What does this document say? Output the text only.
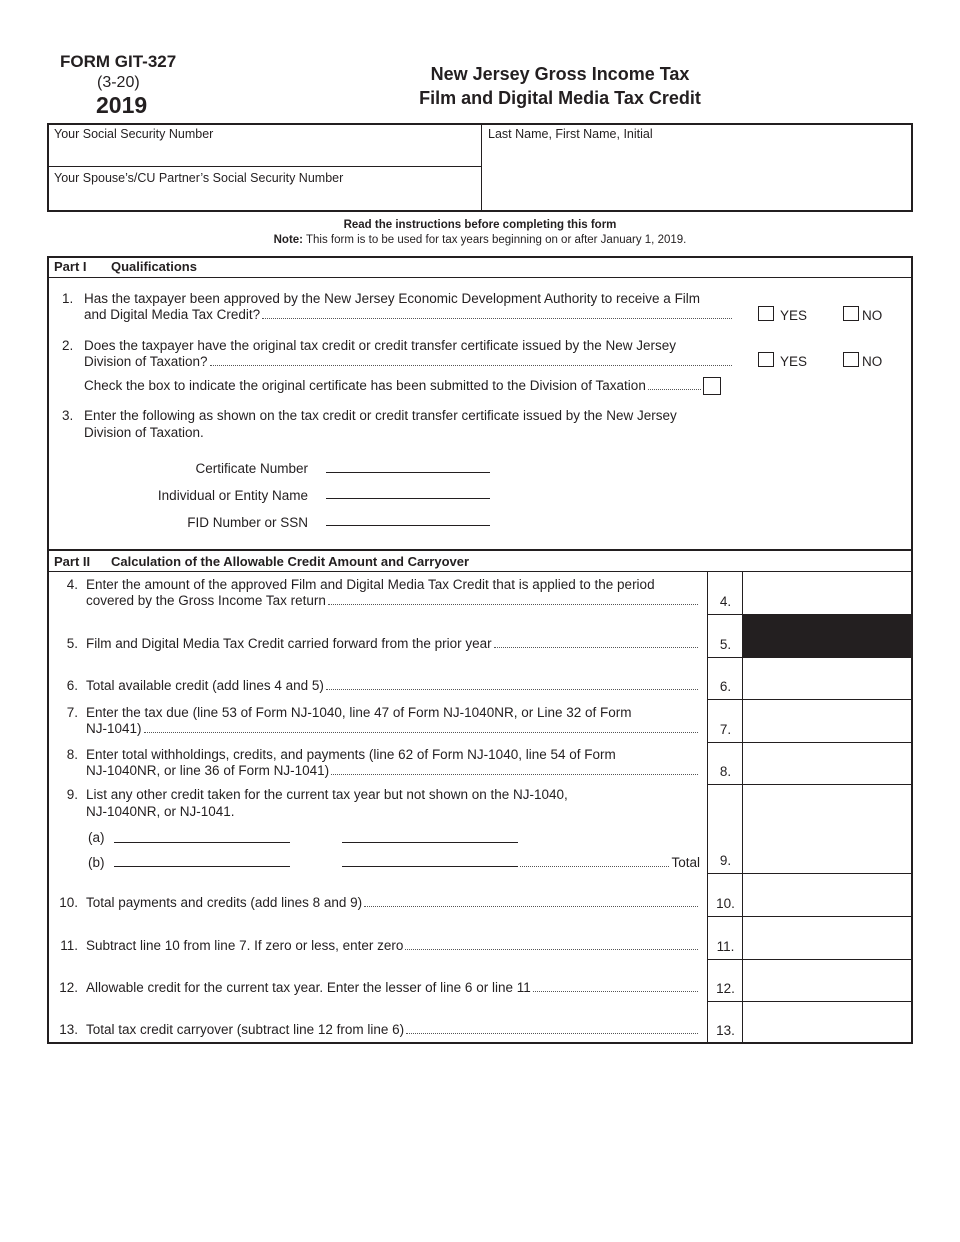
FORM GIT-327
(3-20)
2019
New Jersey Gross Income Tax
Film and Digital Media Tax Credit
Your Social Security Number
Your Spouse’s/CU Partner’s Social Security Number
Last Name, First Name, Initial
Read the instructions before completing this form
Note: This form is to be used for tax years beginning on or after January 1, 2019.
Part I Qualifications
1. Has the taxpayer been approved by the New Jersey Economic Development Authority to receive a Film
and Digital Media Tax Credit?	YES	NO
2. Does the taxpayer have the original tax credit or credit transfer certificate issued by the New Jersey
Division of Taxation?	YES	NO
Check the box to indicate the original certificate has been submitted to the Division of Taxation
3. Enter the following as shown on the tax credit or credit transfer certificate issued by the New Jersey
Division of Taxation.
Certificate Number
Individual or Entity Name
FID Number or SSN
Part II Calculation of the Allowable Credit Amount and Carryover
4. Enter the amount of the approved Film and Digital Media Tax Credit that is applied to the period
covered by the Gross Income Tax return	4.
5. Film and Digital Media Tax Credit carried forward from the prior year	5.
6. Total available credit (add lines 4 and 5)	6.
7. Enter the tax due (line 53 of Form NJ-1040, line 47 of Form NJ-1040NR, or Line 32 of Form
NJ-1041)	7.
8. Enter total withholdings, credits, and payments (line 62 of Form NJ-1040, line 54 of Form
NJ-1040NR, or line 36 of Form NJ-1041)	8.
9. List any other credit taken for the current tax year but not shown on the NJ-1040,
NJ-1040NR, or NJ-1041.
(a)
(b)	Total	9.
10. Total payments and credits (add lines 8 and 9)	10.
11. Subtract line 10 from line 7. If zero or less, enter zero	11.
12. Allowable credit for the current tax year. Enter the lesser of line 6 or line 11	12.
13. Total tax credit carryover (subtract line 12 from line 6)	13.
